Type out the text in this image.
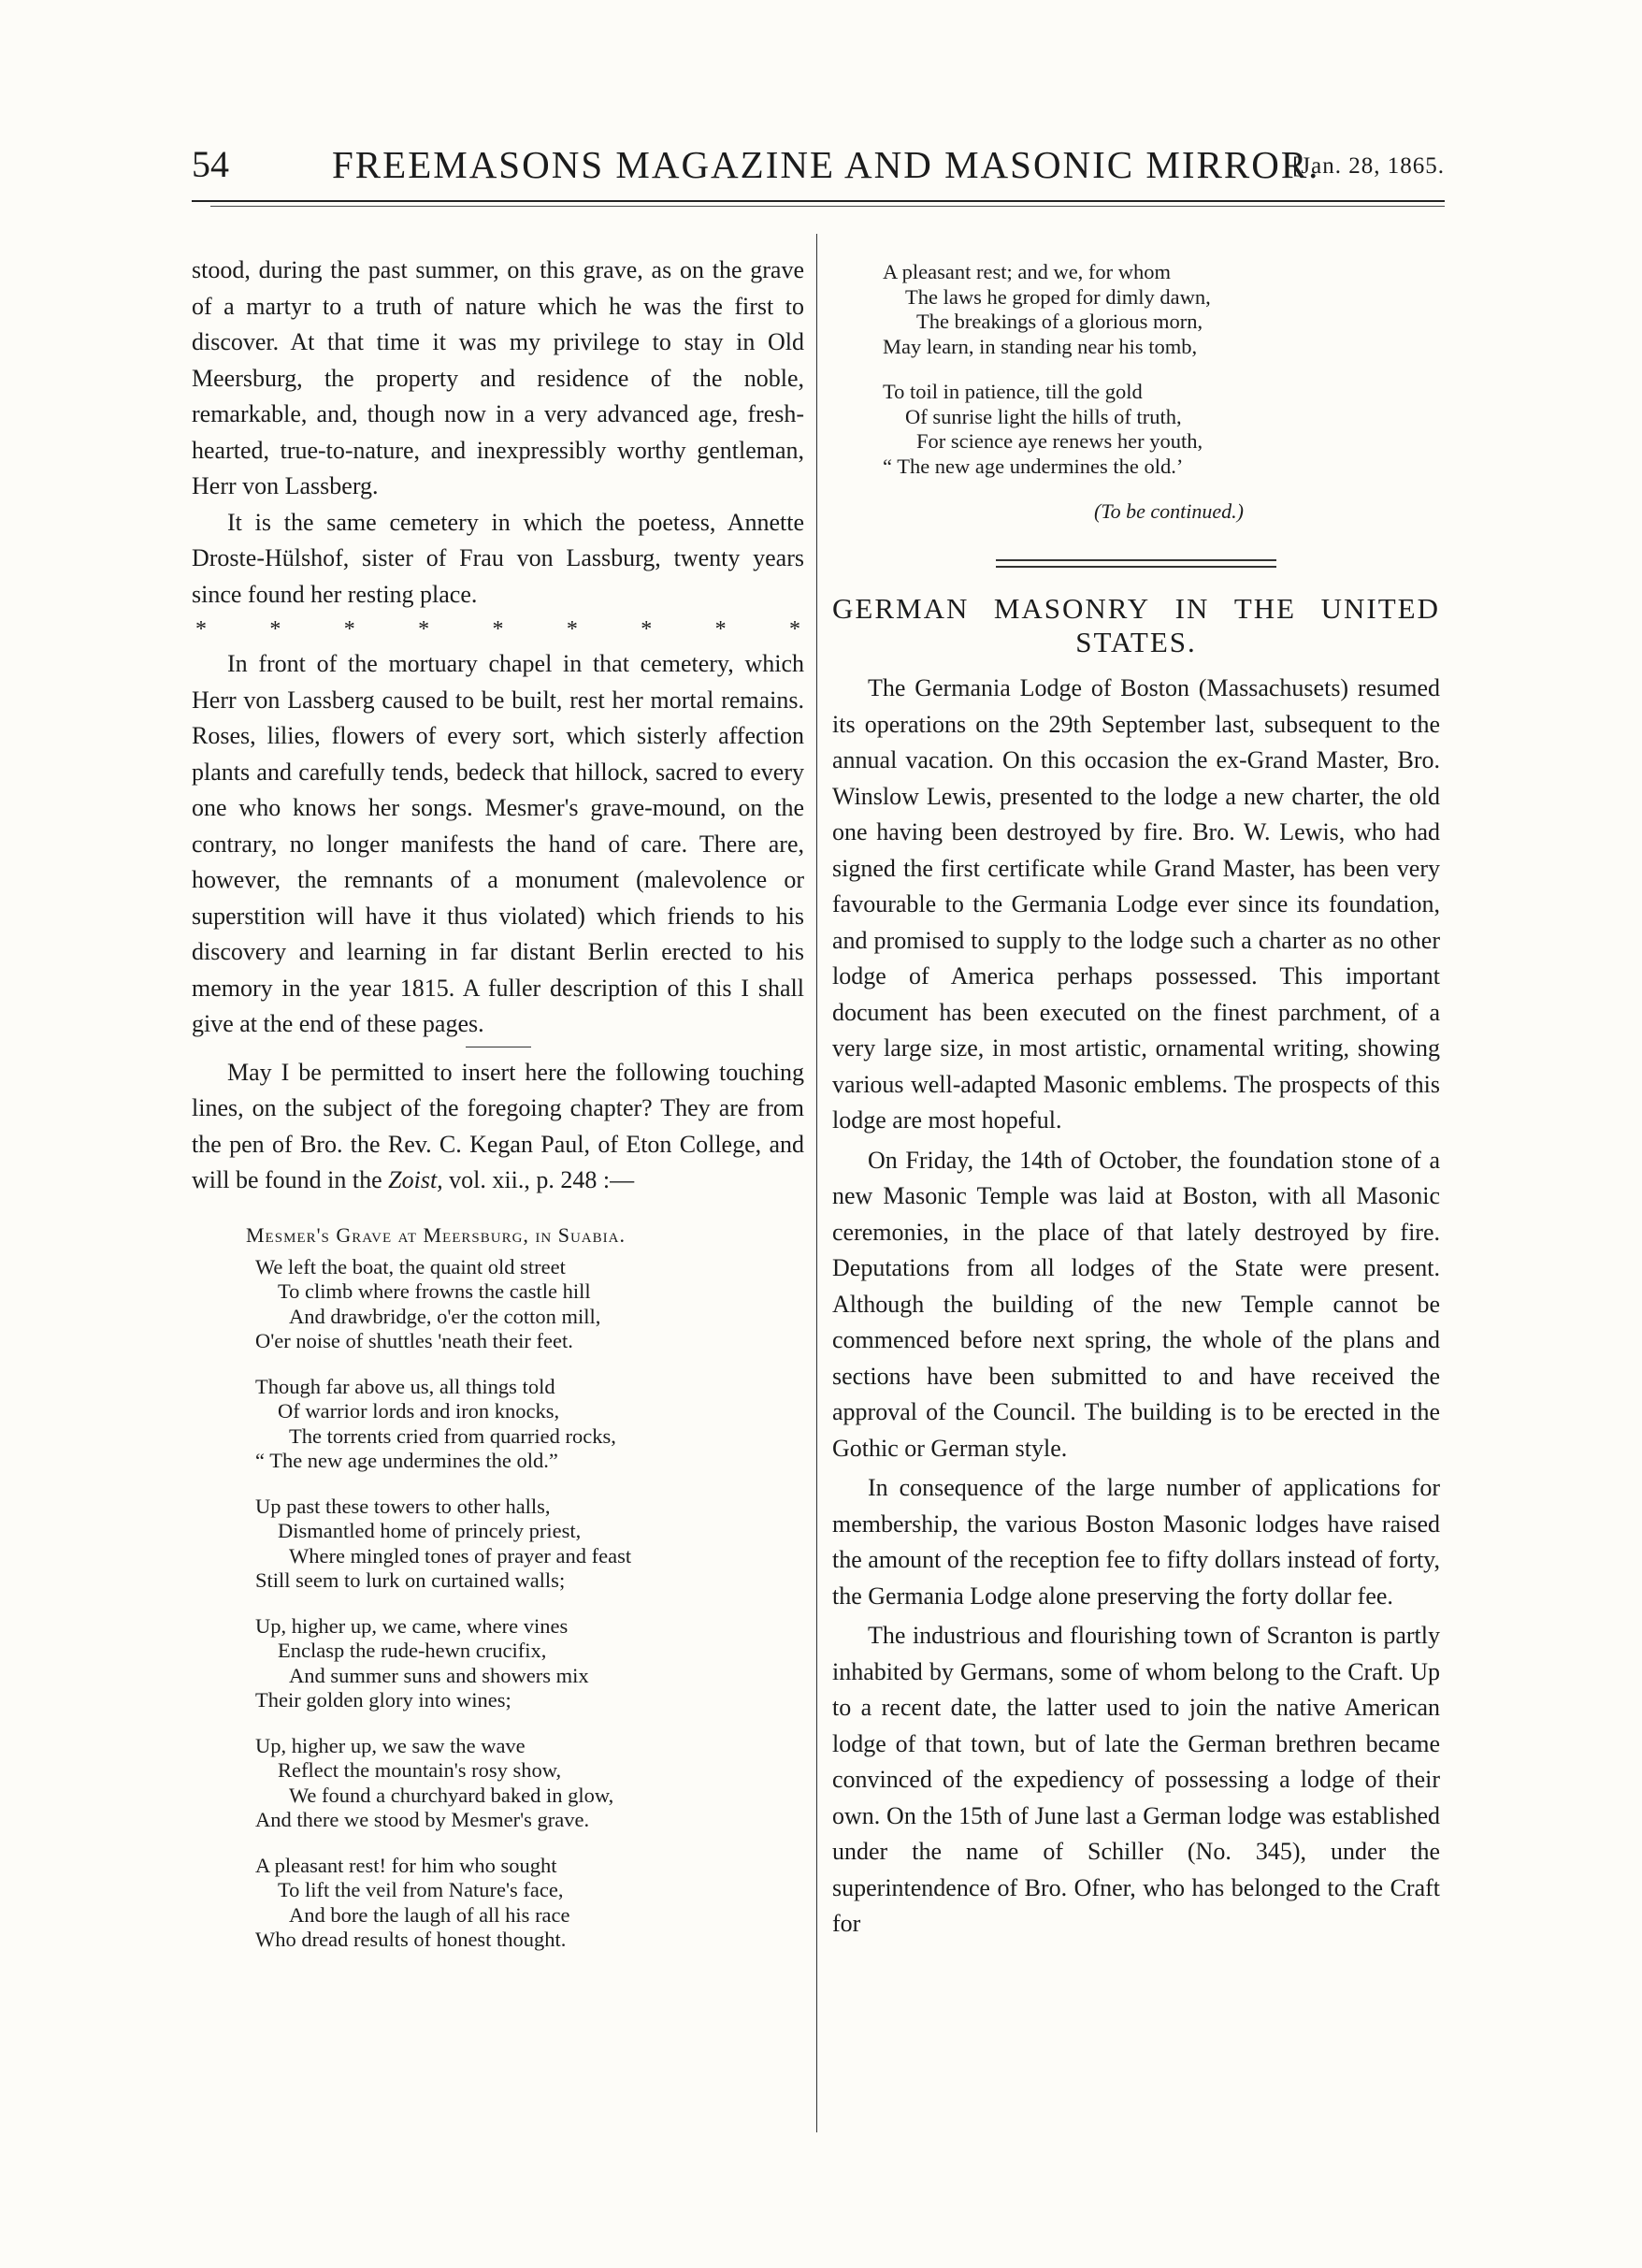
54	FREEMASONS MAGAZINE AND MASONIC MIRROR.
[Jan. 28, 1865.

stood, during the past summer, on this grave, as on the grave of a martyr to a truth of nature which he was the first to discover. At that time it was my privilege to stay in Old Meersburg, the property and residence of the noble, remarkable, and, though now in a very advanced age, fresh-hearted, true-to-nature, and inexpressibly worthy gentleman, Herr von Lassberg.

It is the same cemetery in which the poetess, Annette Droste-Hülshof, sister of Frau von Lassburg, twenty years since found her resting place.

*	*	*	*	*	*	*	*	*

In front of the mortuary chapel in that cemetery, which Herr von Lassberg caused to be built, rest her mortal remains. Roses, lilies, flowers of every sort, which sisterly affection plants and carefully tends, bedeck that hillock, sacred to every one who knows her songs. Mesmer's grave-mound, on the contrary, no longer manifests the hand of care. There are, however, the remnants of a monument (malevolence or superstition will have it thus violated) which friends to his discovery and learning in far distant Berlin erected to his memory in the year 1815. A fuller description of this I shall give at the end of these pages.

May I be permitted to insert here the following touching lines, on the subject of the foregoing chapter? They are from the pen of Bro. the Rev. C. Kegan Paul, of Eton College, and will be found in the Zoist, vol. xii., p. 248 :—

Mesmer's Grave at Meersburg, in Suabia.
We left the boat, the quaint old street
To climb where frowns the castle hill
And drawbridge, o'er the cotton mill,
O'er noise of shuttles 'neath their feet.
Though far above us, all things told
Of warrior lords and iron knocks,
The torrents cried from quarried rocks,
“ The new age undermines the old.”
Up past these towers to other halls,
Dismantled home of princely priest,
Where mingled tones of prayer and feast
Still seem to lurk on curtained walls;
Up, higher up, we came, where vines
Enclasp the rude-hewn crucifix,
And summer suns and showers mix
Their golden glory into wines;
Up, higher up, we saw the wave
Reflect the mountain's rosy show,
We found a churchyard baked in glow,
And there we stood by Mesmer's grave.
A pleasant rest! for him who sought
To lift the veil from Nature's face,
And bore the laugh of all his race
Who dread results of honest thought.
A pleasant rest; and we, for whom
The laws he groped for dimly dawn,
The breakings of a glorious morn,
May learn, in standing near his tomb,
To toil in patience, till the gold
Of sunrise light the hills of truth,
For science aye renews her youth,
“ The new age undermines the old.’
(To be continued.)
GERMAN MASONRY IN THE UNITED
STATES.

The Germania Lodge of Boston (Massachusets) resumed its operations on the 29th September last, subsequent to the annual vacation. On this occasion the ex-Grand Master, Bro. Winslow Lewis, presented to the lodge a new charter, the old one having been destroyed by fire. Bro. W. Lewis, who had signed the first certificate while Grand Master, has been very favourable to the Germania Lodge ever since its foundation, and promised to supply to the lodge such a charter as no other lodge of America perhaps possessed. This important document has been executed on the finest parchment, of a very large size, in most artistic, ornamental writing, showing various well-adapted Masonic emblems. The prospects of this lodge are most hopeful.

On Friday, the 14th of October, the foundation stone of a new Masonic Temple was laid at Boston, with all Masonic ceremonies, in the place of that lately destroyed by fire. Deputations from all lodges of the State were present. Although the building of the new Temple cannot be commenced before next spring, the whole of the plans and sections have been submitted to and have received the approval of the Council. The building is to be erected in the Gothic or German style.

In consequence of the large number of applications for membership, the various Boston Masonic lodges have raised the amount of the reception fee to fifty dollars instead of forty, the Germania Lodge alone preserving the forty dollar fee.

The industrious and flourishing town of Scranton is partly inhabited by Germans, some of whom belong to the Craft. Up to a recent date, the latter used to join the native American lodge of that town, but of late the German brethren became convinced of the expediency of possessing a lodge of their own. On the 15th of June last a German lodge was established under the name of Schiller (No. 345), under the superintendence of Bro. Ofner, who has belonged to the Craft for
